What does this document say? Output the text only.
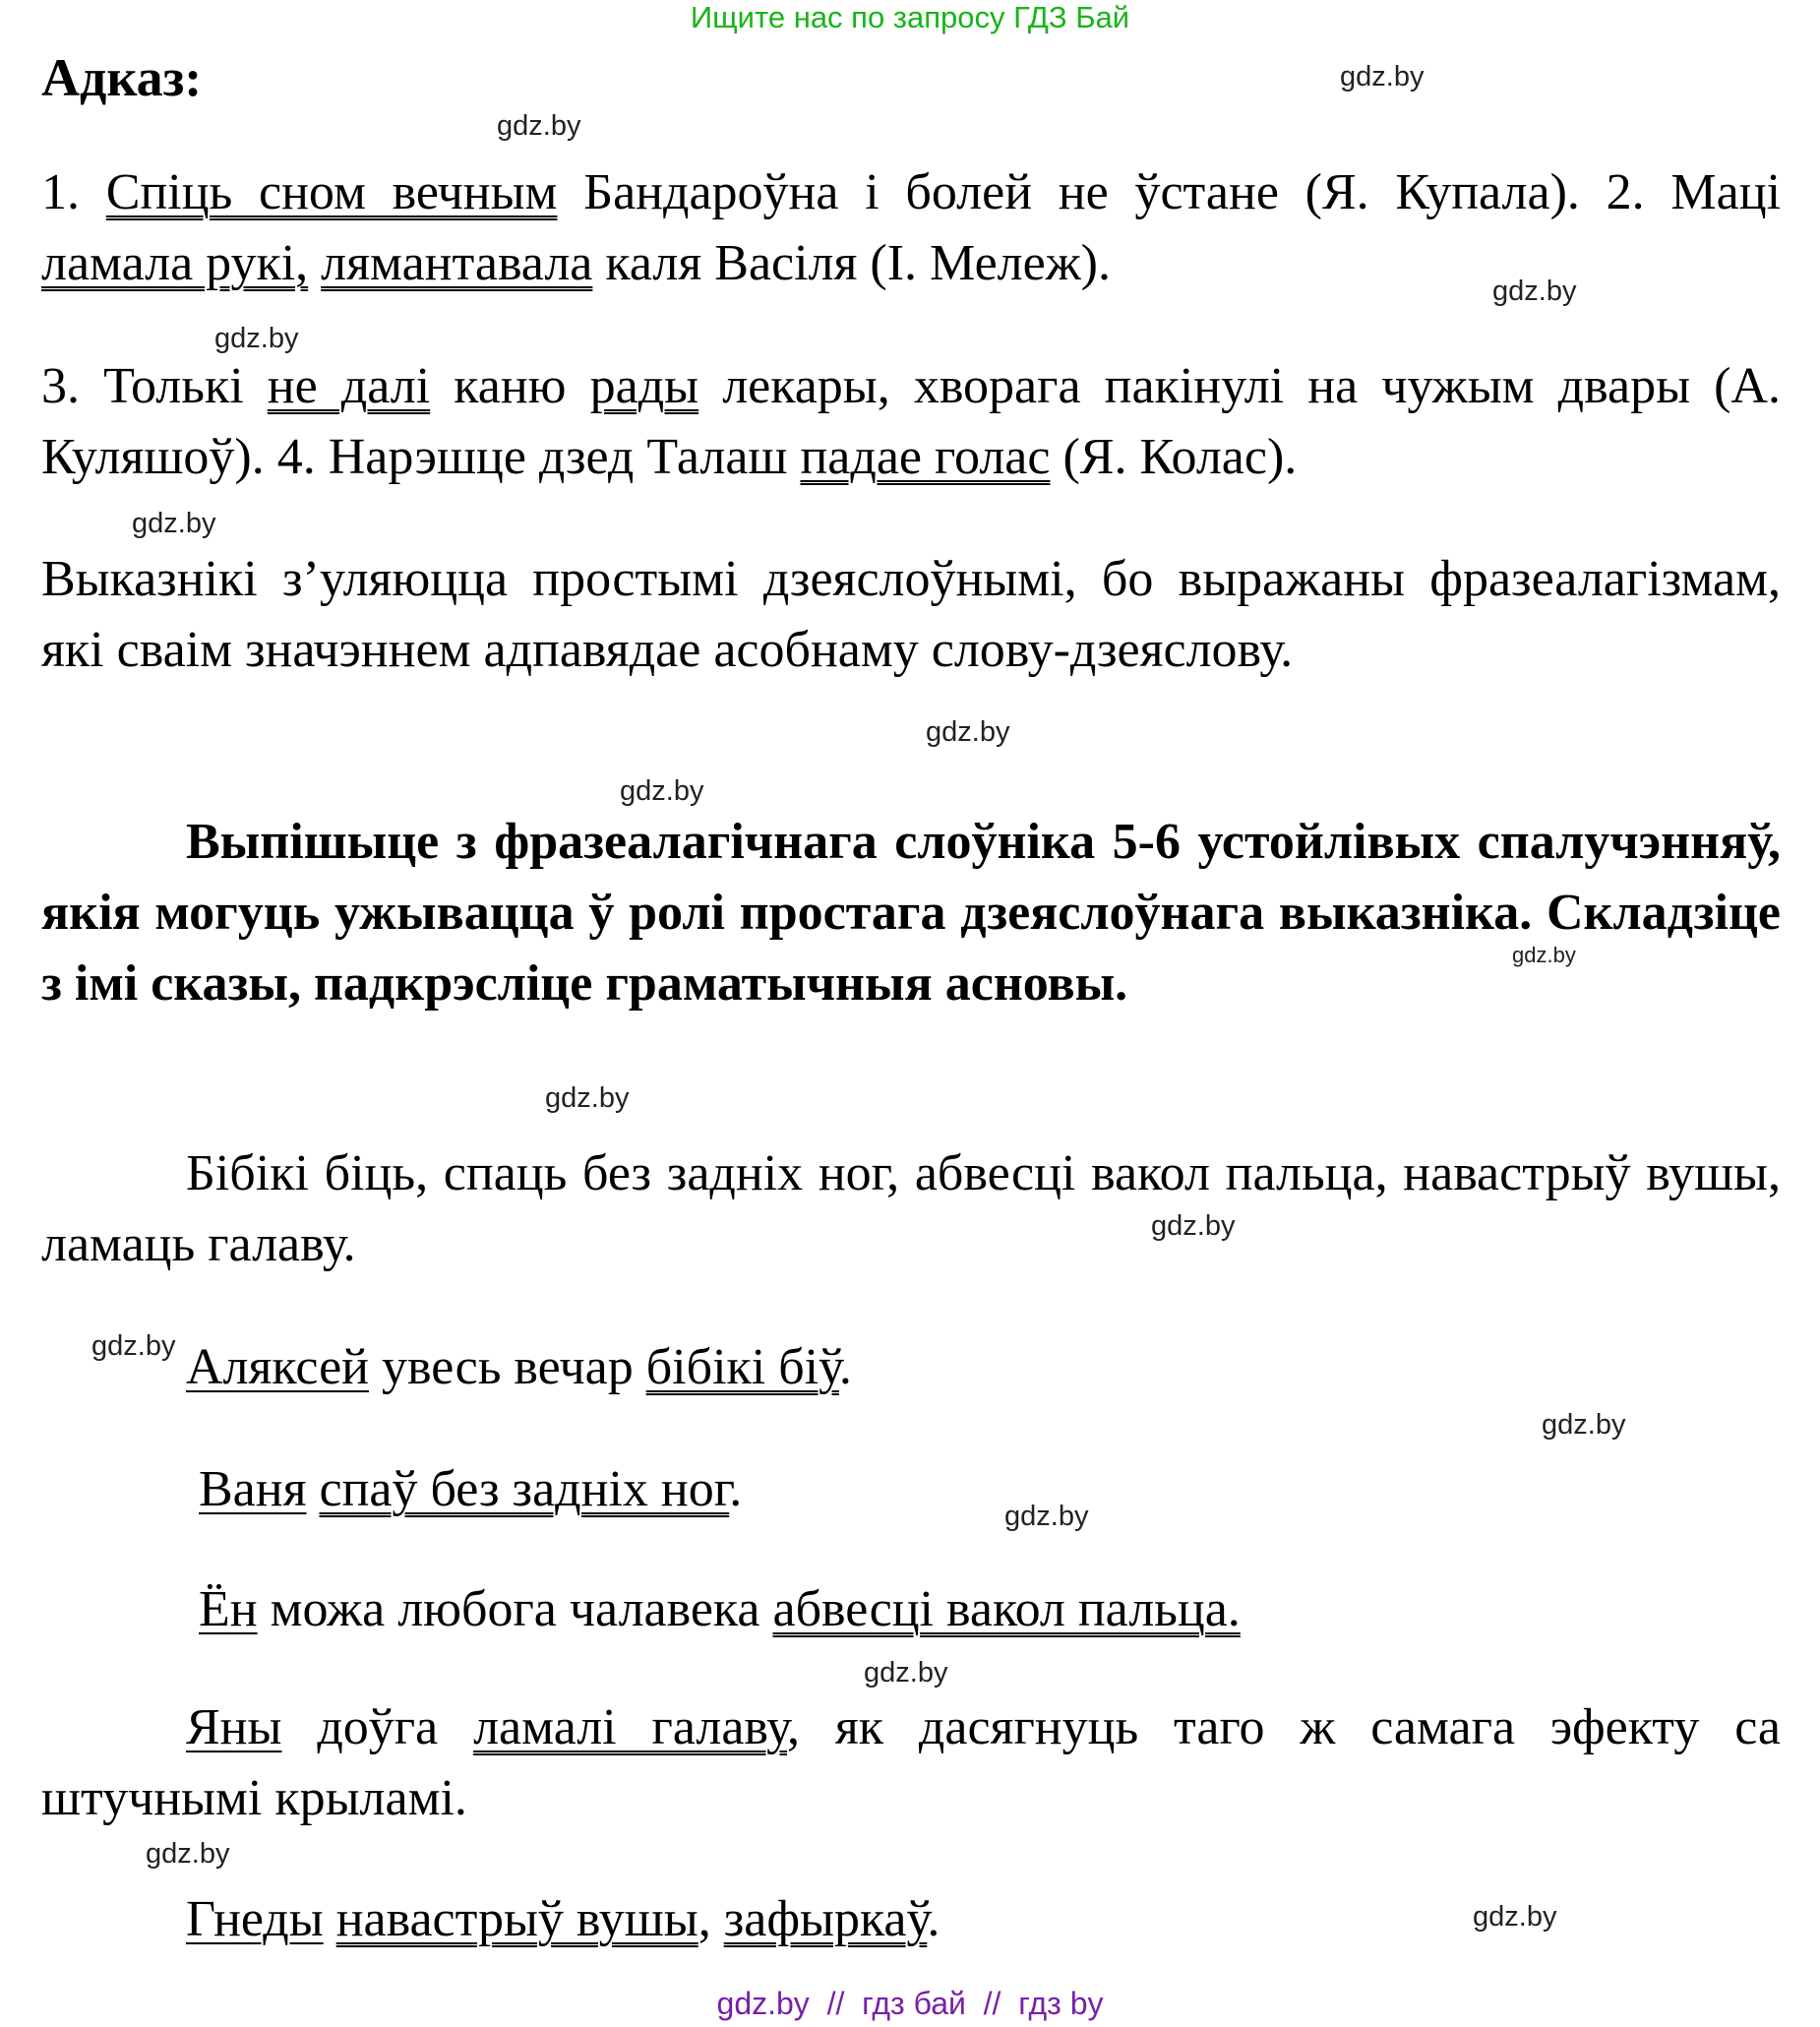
Ищите нас по запросу ГДЗ Бай
Адказ:

1. Спіць сном вечным Бандароўна і болей не ўстане (Я. Купала). 2. Маці ламала рукі, лямантавала каля Васіля (І. Мележ).

3. Толькі не далі каню рады лекары, хворага пакінулі на чужым двары (А. Куляшоў). 4. Нарэшце дзед Талаш падае голас (Я. Колас).

Выказнікі з’уляюцца простымі дзеяслоўнымі, бо выражаны фразеалагізмам, які сваім значэннем адпавядае асобнаму слову-дзеяслову.

Выпішыце з фразеалагічнага слоўніка 5-6 устойлівых спалучэнняў, якія могуць ужывацца ў ролі простага дзеяслоўнага выказніка. Складзіце з імі сказы, падкрэсліце граматычныя асновы.

Бібікі біць, спаць без задніх ног, абвесці вакол пальца, навастрыў вушы, ламаць галаву.

Аляксей увесь вечар бібікі біў.
Ваня спаў без задніх ног.
Ён можа любога чалавека абвесці вакол пальца.

Яны доўга ламалі галаву, як дасягнуць таго ж самага эфекту са штучнымі крыламі.

Гнеды навастрыў вушы, зафыркаў.
gdz.by
gdz.by
gdz.by
gdz.by
gdz.by
gdz.by
gdz.by
gdz.by
gdz.by
gdz.by
gdz.by
gdz.by
gdz.by
gdz.by
gdz.by
gdz.by
gdz.by  //  гдз бай  //  гдз by
